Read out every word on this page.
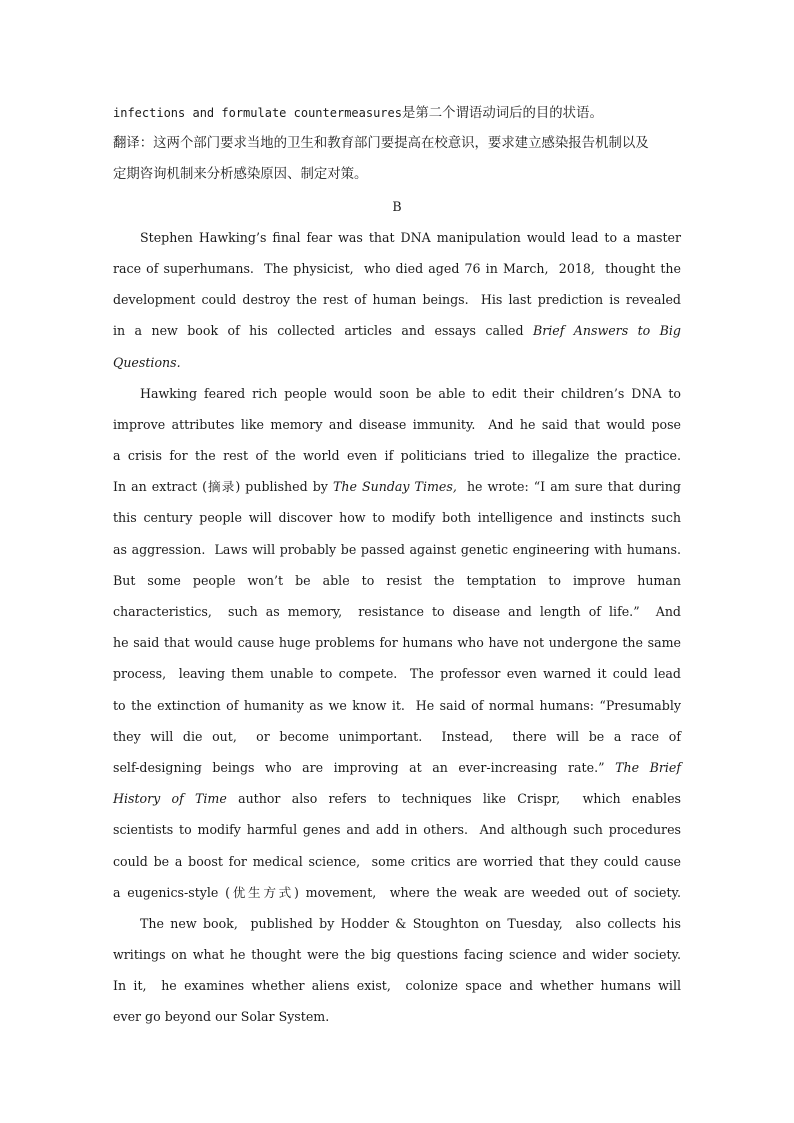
infections and formulate countermeasures是第二个谓语动词后的目的状语。
翻译：这两个部门要求当地的卫生和教育部门要提高在校意识，要求建立感染报告机制以及
定期咨询机制来分析感染原因、制定对策。
B
Stephen Hawking’s final fear was that DNA manipulation would lead to a master
race of superhumans.  The physicist,  who died aged 76 in March,  2018,  thought the
development could destroy the rest of human beings.  His last prediction is revealed
in a new book of his collected articles and essays called Brief Answers to Big
Questions.
Hawking feared rich people would soon be able to edit their children’s DNA to
improve attributes like memory and disease immunity.  And he said that would pose
a crisis for the rest of the world even if politicians tried to illegalize the practice.
In an extract (摘录) published by The Sunday Times, he wrote: “I am sure that during
this century people will discover how to modify both intelligence and instincts such
as aggression.  Laws will probably be passed against genetic engineering with humans.
But some people won’t be able to resist the temptation to improve human
characteristics,  such as memory,  resistance to disease and length of life.”  And
he said that would cause huge problems for humans who have not undergone the same
process,  leaving them unable to compete.  The professor even warned it could lead
to the extinction of humanity as we know it.  He said of normal humans: “Presumably
they will die out,  or become unimportant.  Instead,  there will be a race of
self-designing beings who are improving at an ever-increasing rate.” The Brief
History of Time author also refers to techniques like Crispr,  which enables
scientists to modify harmful genes and add in others.  And although such procedures
could be a boost for medical science,  some critics are worried that they could cause
a eugenics-style (优生方式) movement,  where the weak are weeded out of society.
The new book,  published by Hodder & Stoughton on Tuesday,  also collects his
writings on what he thought were the big questions facing science and wider society.
In it,  he examines whether aliens exist,  colonize space and whether humans will
ever go beyond our Solar System.
